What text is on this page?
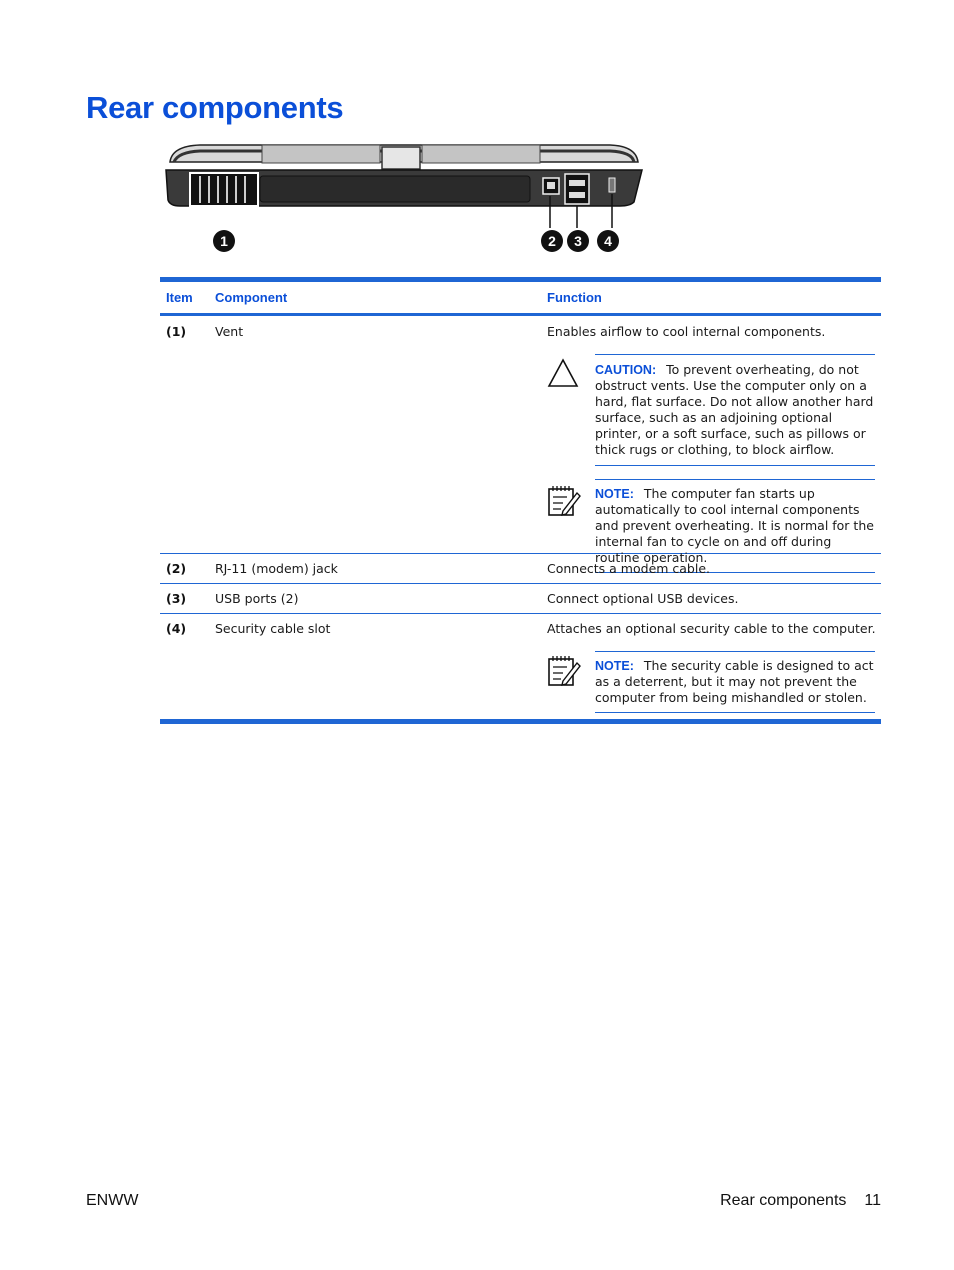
Rear components
1	2 3 4
Item	Component	Function
(1)	Vent	Enables airflow to cool internal components.
CAUTION: To prevent overheating, do not obstruct vents. Use the computer only on a hard, flat surface. Do not allow another hard surface, such as an adjoining optional printer, or a soft surface, such as pillows or thick rugs or clothing, to block airflow.
NOTE: The computer fan starts up automatically to cool internal components and prevent overheating. It is normal for the internal fan to cycle on and off during routine operation.
(2)	RJ-11 (modem) jack	Connects a modem cable.
(3)	USB ports (2)	Connect optional USB devices.
(4)	Security cable slot	Attaches an optional security cable to the computer.
NOTE: The security cable is designed to act as a deterrent, but it may not prevent the computer from being mishandled or stolen.
ENWW	Rear components 11
